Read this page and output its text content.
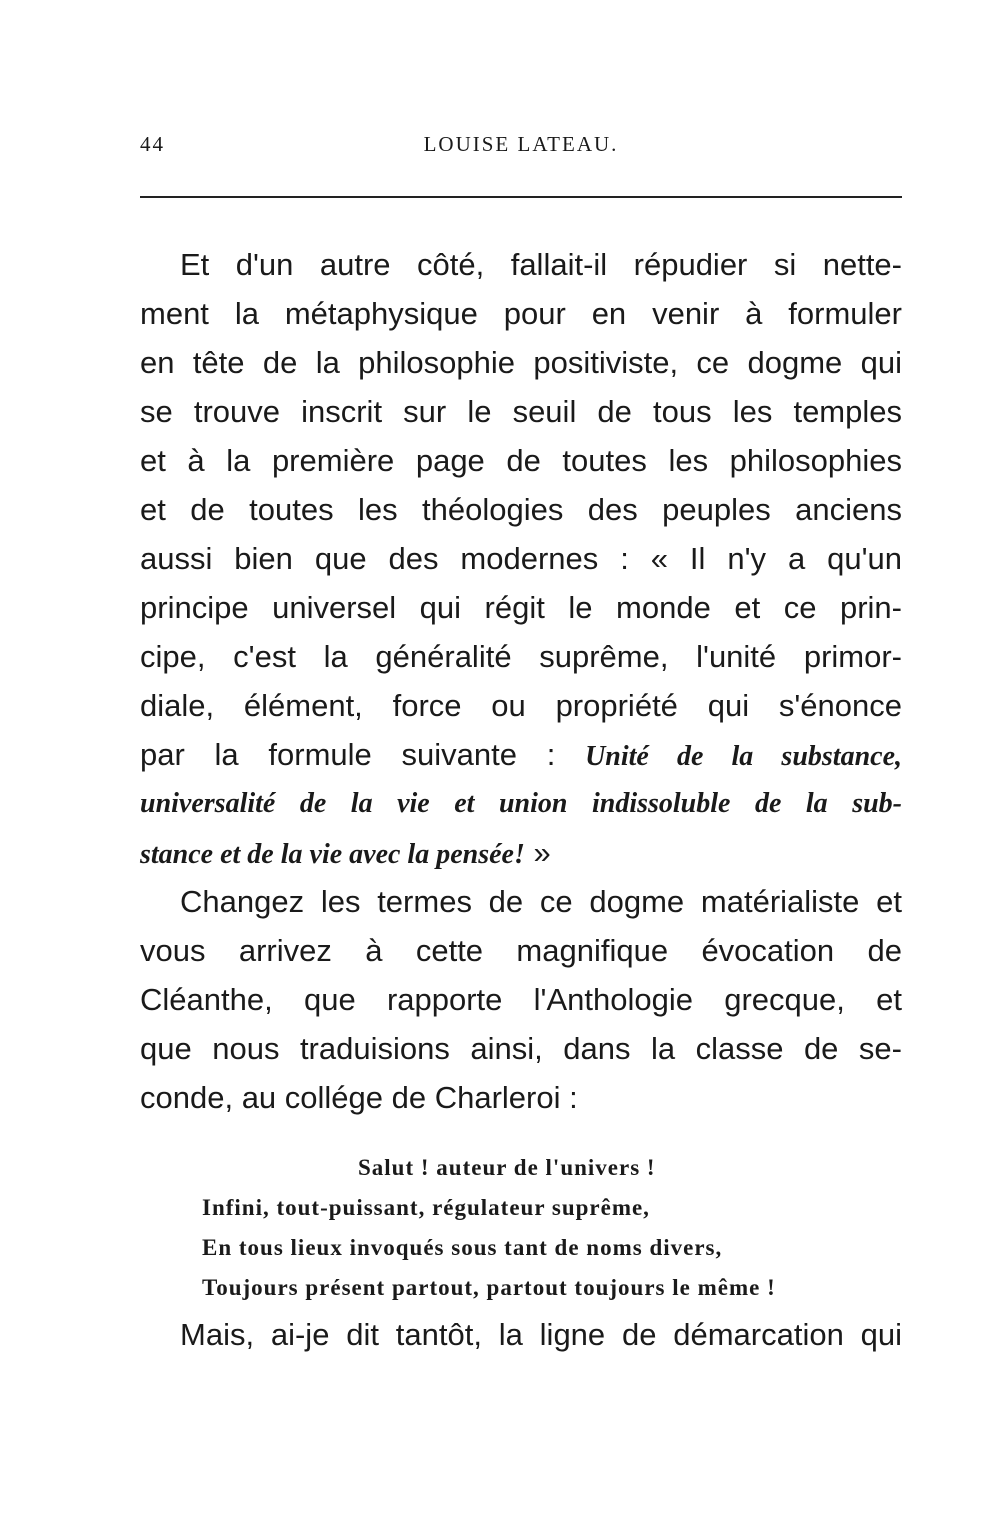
44	LOUISE LATEAU.
Et d'un autre côté, fallait-il répudier si nette-
ment la métaphysique pour en venir à formuler
en tête de la philosophie positiviste, ce dogme qui
se trouve inscrit sur le seuil de tous les temples
et à la première page de toutes les philosophies
et de toutes les théologies des peuples anciens
aussi bien que des modernes : « Il n'y a qu'un
principe universel qui régit le monde et ce prin-
cipe, c'est la généralité suprême, l'unité primor-
diale, élément, force ou propriété qui s'énonce
par la formule suivante : Unité de la substance,
universalité de la vie et union indissoluble de la sub-
stance et de la vie avec la pensée! »
Changez les termes de ce dogme matérialiste et
vous arrivez à cette magnifique évocation de
Cléanthe, que rapporte l'Anthologie grecque, et
que nous traduisions ainsi, dans la classe de se-
conde, au collége de Charleroi :
Salut ! auteur de l'univers !
Infini, tout-puissant, régulateur suprême,
En tous lieux invoqués sous tant de noms divers,
Toujours présent partout, partout toujours le même !
Mais, ai-je dit tantôt, la ligne de démarcation qui
